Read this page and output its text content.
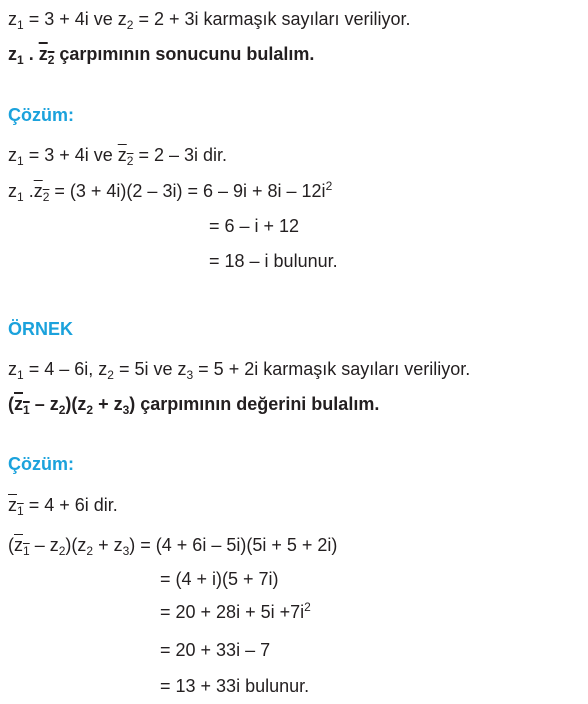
$z_1 = 3 + 4i$ ve $z_2 = 2 + 3i$ karmaşık sayıları veriliyor.
$z_1$ . $z_2$ çarpımının sonucunu bulalım.
Çözüm:
$z_1 = 3 + 4i$ ve $z_2 = 2 - 3i$ dir.
$z_1$ $.z_2 = (3 + 4i)(2 - 3i) = 6 - 9i + 8i - 12i^2$
= 6 – i + 12
= 18 – i bulunur.
ÖRNEK
$z_1 = 4 - 6i$, $z_2 = 5i$ ve $z_3 = 5 + 2i$ karmaşık sayıları veriliyor.
$(z_1 - z_2)(z_2 + z_3)$ çarpımının değerini bulalım.
Çözüm:
$z_1 = 4 + 6i$ dir.
$(z_1 - z_2)(z_2 + z_3) = (4 + 6i - 5i)(5i + 5 + 2i)$
= (4 + i)(5 + 7i)
= $20 + 28i + 5i +7i^2$
= 20 + 33i – 7
= 13 + 33i bulunur.
